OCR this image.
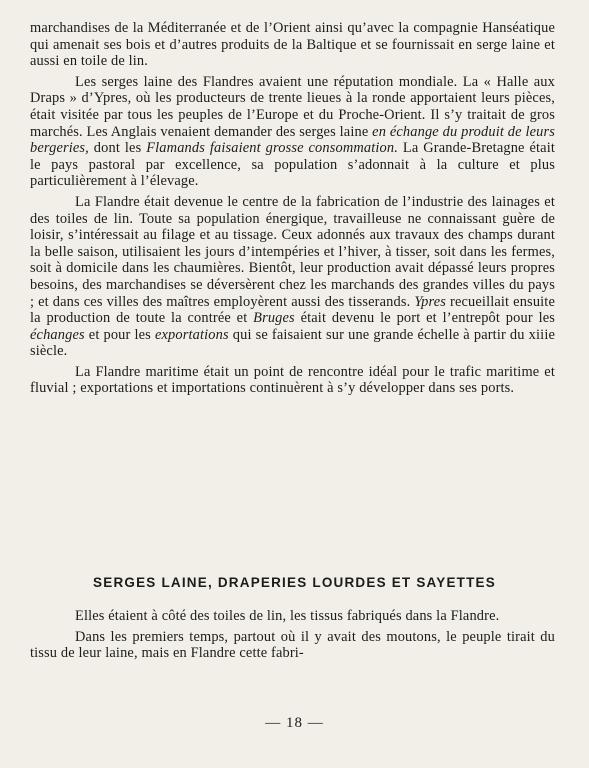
marchandises de la Méditerranée et de l’Orient ainsi qu’avec la compagnie Hanséatique qui amenait ses bois et d’autres produits de la Baltique et se fournissait en serge laine et aussi en toile de lin.

Les serges laine des Flandres avaient une réputation mondiale. La « Halle aux Draps » d’Ypres, où les producteurs de trente lieues à la ronde apportaient leurs pièces, était visitée par tous les peuples de l’Europe et du Proche-Orient. Il s’y traitait de gros marchés. Les Anglais venaient demander des serges laine en échange du produit de leurs bergeries, dont les Flamands faisaient grosse consommation. La Grande-Bretagne était le pays pastoral par excellence, sa population s’adonnait à la culture et plus particulièrement à l’élevage.

La Flandre était devenue le centre de la fabrication de l’industrie des lainages et des toiles de lin. Toute sa population énergique, travailleuse ne connaissant guère de loisir, s’intéressait au filage et au tissage. Ceux adonnés aux travaux des champs durant la belle saison, utilisaient les jours d’intempéries et l’hiver, à tisser, soit dans les fermes, soit à domicile dans les chaumières. Bientôt, leur production avait dépassé leurs propres besoins, des marchandises se déversèrent chez les marchands des grandes villes du pays ; et dans ces villes des maîtres employèrent aussi des tisserands. Ypres recueillait ensuite la production de toute la contrée et Bruges était devenu le port et l’entrepôt pour les échanges et pour les exportations qui se faisaient sur une grande échelle à partir du xiiie siècle.

La Flandre maritime était un point de rencontre idéal pour le trafic maritime et fluvial ; exportations et importations continuèrent à s’y développer dans ses ports.

SERGES LAINE, DRAPERIES LOURDES ET SAYETTES

Elles étaient à côté des toiles de lin, les tissus fabriqués dans la Flandre.

Dans les premiers temps, partout où il y avait des moutons, le peuple tirait du tissu de leur laine, mais en Flandre cette fabri-

— 18 —
